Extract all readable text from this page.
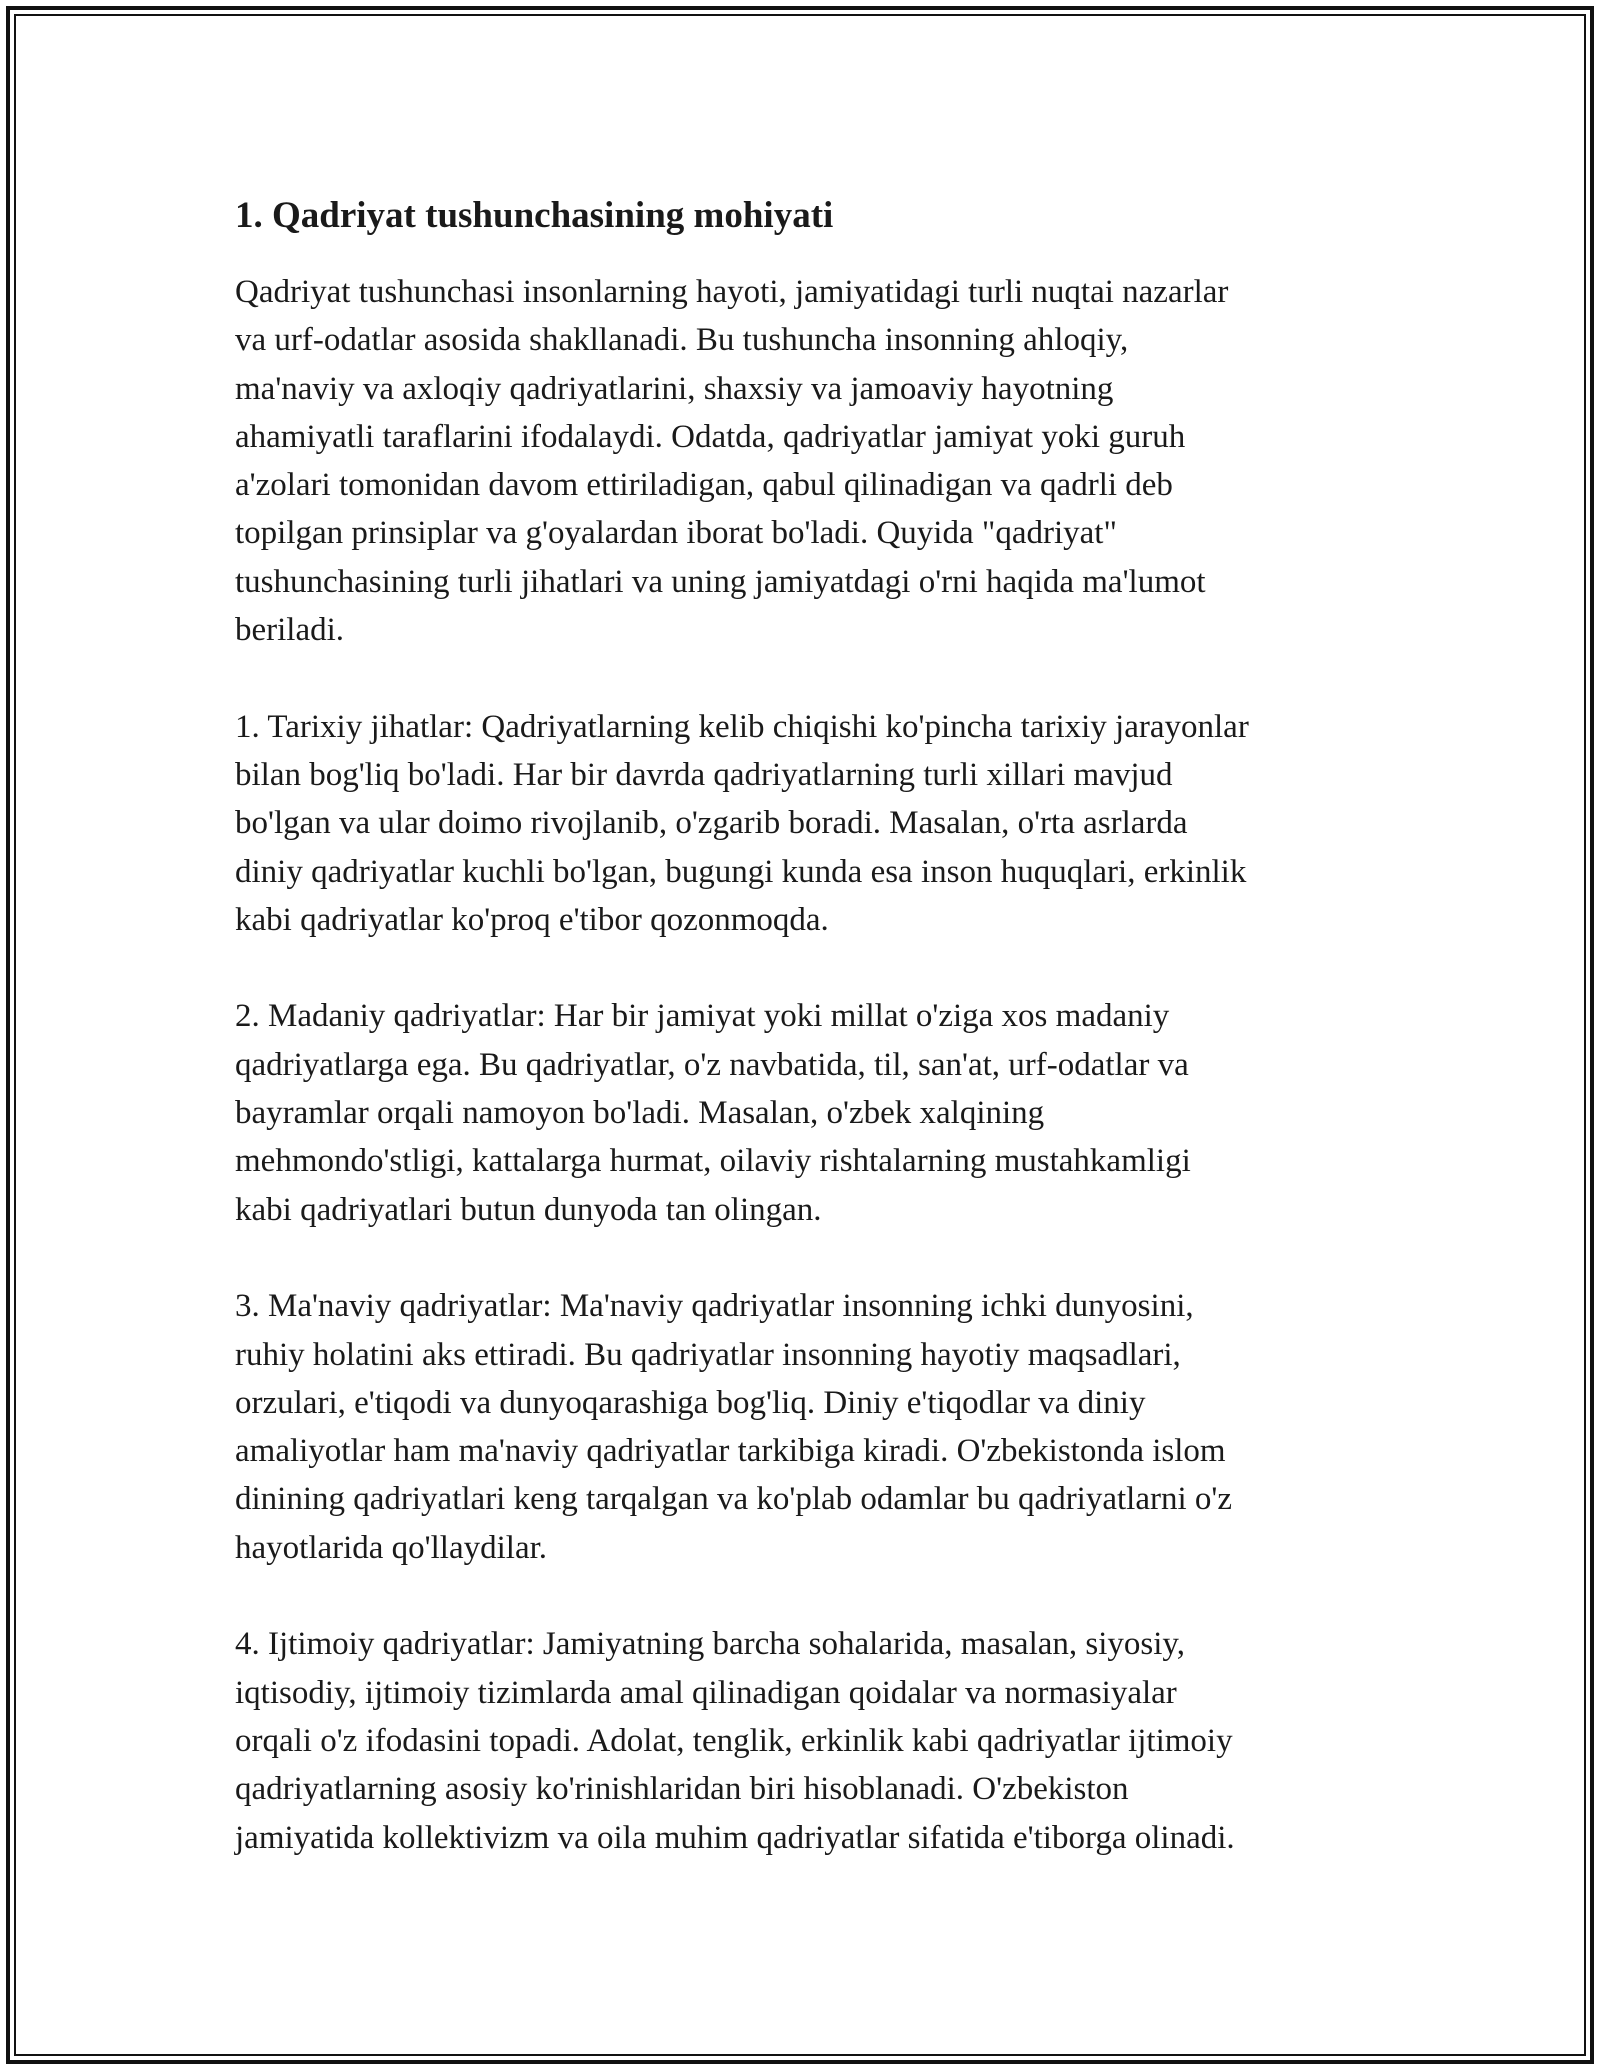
1. Qadriyat tushunchasining mohiyati

Qadriyat tushunchasi insonlarning hayoti, jamiyatidagi turli nuqtai nazarlar
va urf-odatlar asosida shakllanadi. Bu tushuncha insonning ahloqiy,
ma'naviy va axloqiy qadriyatlarini, shaxsiy va jamoaviy hayotning
ahamiyatli taraflarini ifodalaydi. Odatda, qadriyatlar jamiyat yoki guruh
a'zolari tomonidan davom ettiriladigan, qabul qilinadigan va qadrli deb
topilgan prinsiplar va g'oyalardan iborat bo'ladi. Quyida "qadriyat"
tushunchasining turli jihatlari va uning jamiyatdagi o'rni haqida ma'lumot
beriladi.

1. Tarixiy jihatlar: Qadriyatlarning kelib chiqishi ko'pincha tarixiy jarayonlar
bilan bog'liq bo'ladi. Har bir davrda qadriyatlarning turli xillari mavjud
bo'lgan va ular doimo rivojlanib, o'zgarib boradi. Masalan, o'rta asrlarda
diniy qadriyatlar kuchli bo'lgan, bugungi kunda esa inson huquqlari, erkinlik
kabi qadriyatlar ko'proq e'tibor qozonmoqda.

2. Madaniy qadriyatlar: Har bir jamiyat yoki millat o'ziga xos madaniy
qadriyatlarga ega. Bu qadriyatlar, o'z navbatida, til, san'at, urf-odatlar va
bayramlar orqali namoyon bo'ladi. Masalan, o'zbek xalqining
mehmondo'stligi, kattalarga hurmat, oilaviy rishtalarning mustahkamligi
kabi qadriyatlari butun dunyoda tan olingan.

3. Ma'naviy qadriyatlar: Ma'naviy qadriyatlar insonning ichki dunyosini,
ruhiy holatini aks ettiradi. Bu qadriyatlar insonning hayotiy maqsadlari,
orzulari, e'tiqodi va dunyoqarashiga bog'liq. Diniy e'tiqodlar va diniy
amaliyotlar ham ma'naviy qadriyatlar tarkibiga kiradi. O'zbekistonda islom
dinining qadriyatlari keng tarqalgan va ko'plab odamlar bu qadriyatlarni o'z
hayotlarida qo'llaydilar.

4. Ijtimoiy qadriyatlar: Jamiyatning barcha sohalarida, masalan, siyosiy,
iqtisodiy, ijtimoiy tizimlarda amal qilinadigan qoidalar va normasiyalar
orqali o'z ifodasini topadi. Adolat, tenglik, erkinlik kabi qadriyatlar ijtimoiy
qadriyatlarning asosiy ko'rinishlaridan biri hisoblanadi. O'zbekiston
jamiyatida kollektivizm va oila muhim qadriyatlar sifatida e'tiborga olinadi.
